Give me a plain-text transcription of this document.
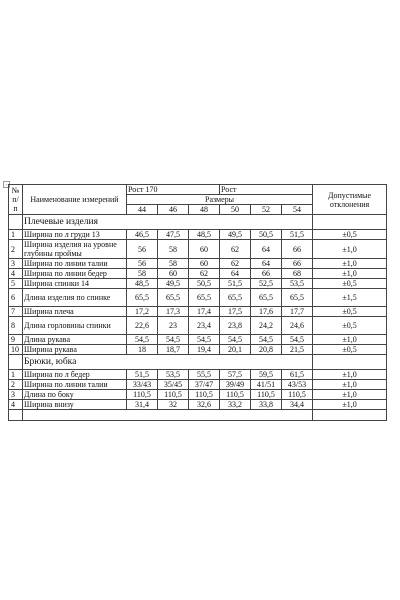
+
№ п/ п	Наименование измерений	Рост 170			Рост			Допустимые отклонения
		Размеры						
		44	46	48	50	52	54	
	Плечевые изделия							
1	Ширина по л груди 13	46,5	47,5	48,5	49,5	50,5	51,5	±0,5
2	Ширина изделия на уровне глубины проймы	56	58	60	62	64	66	±1,0
3	Ширина по линии талии	56	58	60	62	64	66	±1,0
4	Ширина по линии бедер	58	60	62	64	66	68	±1,0
5	Ширина спинки 14	48,5	49,5	50,5	51,5	52,5	53,5	±0,5
6	Длина изделия по спинке	65,5	65,5	65,5	65,5	65,5	65,5	±1,5
7	Ширина плеча	17,2	17,3	17,4	17,5	17,6	17,7	±0,5
8	Длина горловины спинки	22,6	23	23,4	23,8	24,2	24,6	±0,5
9	Длина рукава	54,5	54,5	54,5	54,5	54,5	54,5	±1,0
10	Ширина рукава	18	18,7	19,4	20,1	20,8	21,5	±0,5
	Брюки, юбка							
1	Ширина по л бедер	51,5	53,5	55,5	57,5	59,5	61,5	±1,0
2	Ширина по линии талии	33/43	35/45	37/47	39/49	41/51	43/53	±1,0
3	Длина по боку	110,5	110,5	110,5	110,5	110,5	110,5	±1,0
4	Ширина внизу	31,4	32	32,6	33,2	33,8	34,4	±1,0
